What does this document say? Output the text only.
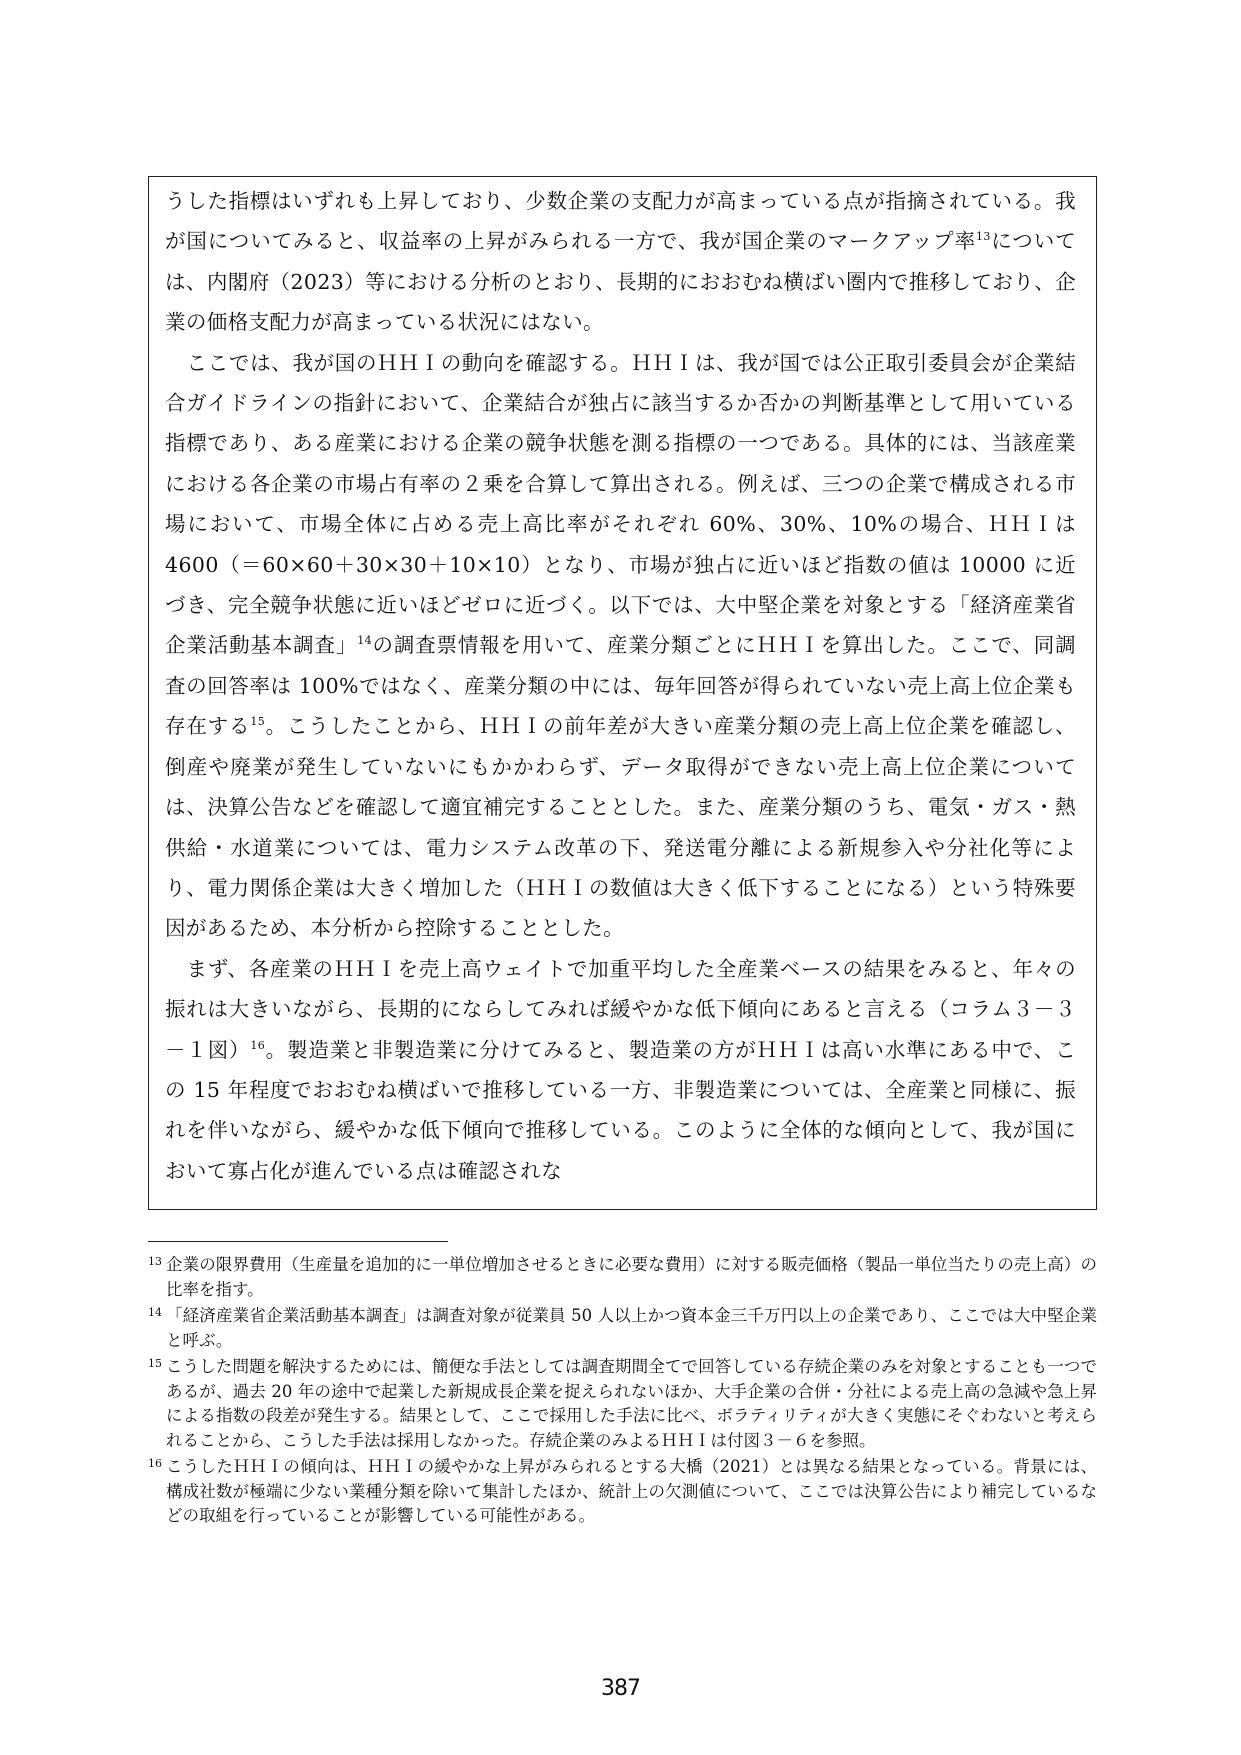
うした指標はいずれも上昇しており、少数企業の支配力が高まっている点が指摘されている。我が国についてみると、収益率の上昇がみられる一方で、我が国企業のマークアップ率$^{13}$については、内閣府（2023）等における分析のとおり、長期的におおむね横ばい圏内で推移しており、企業の価格支配力が高まっている状況にはない。

ここでは、我が国のＨＨＩの動向を確認する。ＨＨＩは、我が国では公正取引委員会が企業結合ガイドラインの指針において、企業結合が独占に該当するか否かの判断基準として用いている指標であり、ある産業における企業の競争状態を測る指標の一つである。具体的には、当該産業における各企業の市場占有率の２乗を合算して算出される。例えば、三つの企業で構成される市場において、市場全体に占める売上高比率がそれぞれ 60%、30%、10%の場合、ＨＨＩは 4600（＝60×60＋30×30＋10×10）となり、市場が独占に近いほど指数の値は 10000 に近づき、完全競争状態に近いほどゼロに近づく。以下では、大中堅企業を対象とする「経済産業省企業活動基本調査」$^{14}$の調査票情報を用いて、産業分類ごとにＨＨＩを算出した。ここで、同調査の回答率は 100%ではなく、産業分類の中には、毎年回答が得られていない売上高上位企業も存在する$^{15}$。こうしたことから、ＨＨＩの前年差が大きい産業分類の売上高上位企業を確認し、倒産や廃業が発生していないにもかかわらず、データ取得ができない売上高上位企業については、決算公告などを確認して適宜補完することとした。また、産業分類のうち、電気・ガス・熱供給・水道業については、電力システム改革の下、発送電分離による新規参入や分社化等により、電力関係企業は大きく増加した（ＨＨＩの数値は大きく低下することになる）という特殊要因があるため、本分析から控除することとした。

まず、各産業のＨＨＩを売上高ウェイトで加重平均した全産業ベースの結果をみると、年々の振れは大きいながら、長期的にならしてみれば緩やかな低下傾向にあると言える（コラム３－３－１図）$^{16}$。製造業と非製造業に分けてみると、製造業の方がＨＨＩは高い水準にある中で、この 15 年程度でおおむね横ばいで推移している一方、非製造業については、全産業と同様に、振れを伴いながら、緩やかな低下傾向で推移している。このように全体的な傾向として、我が国において寡占化が進んでいる点は確認されな

13 企業の限界費用（生産量を追加的に一単位増加させるときに必要な費用）に対する販売価格（製品一単位当たりの売上高）の比率を指す。
14 「経済産業省企業活動基本調査」は調査対象が従業員 50 人以上かつ資本金三千万円以上の企業であり、ここでは大中堅企業と呼ぶ。
15 こうした問題を解決するためには、簡便な手法としては調査期間全てで回答している存続企業のみを対象とすることも一つであるが、過去 20 年の途中で起業した新規成長企業を捉えられないほか、大手企業の合併・分社による売上高の急減や急上昇による指数の段差が発生する。結果として、ここで採用した手法に比べ、ボラティリティが大きく実態にそぐわないと考えられることから、こうした手法は採用しなかった。存続企業のみよるＨＨＩは付図３－６を参照。
16 こうしたＨＨＩの傾向は、ＨＨＩの緩やかな上昇がみられるとする大橋（2021）とは異なる結果となっている。背景には、構成社数が極端に少ない業種分類を除いて集計したほか、統計上の欠測値について、ここでは決算公告により補完しているなどの取組を行っていることが影響している可能性がある。
387
